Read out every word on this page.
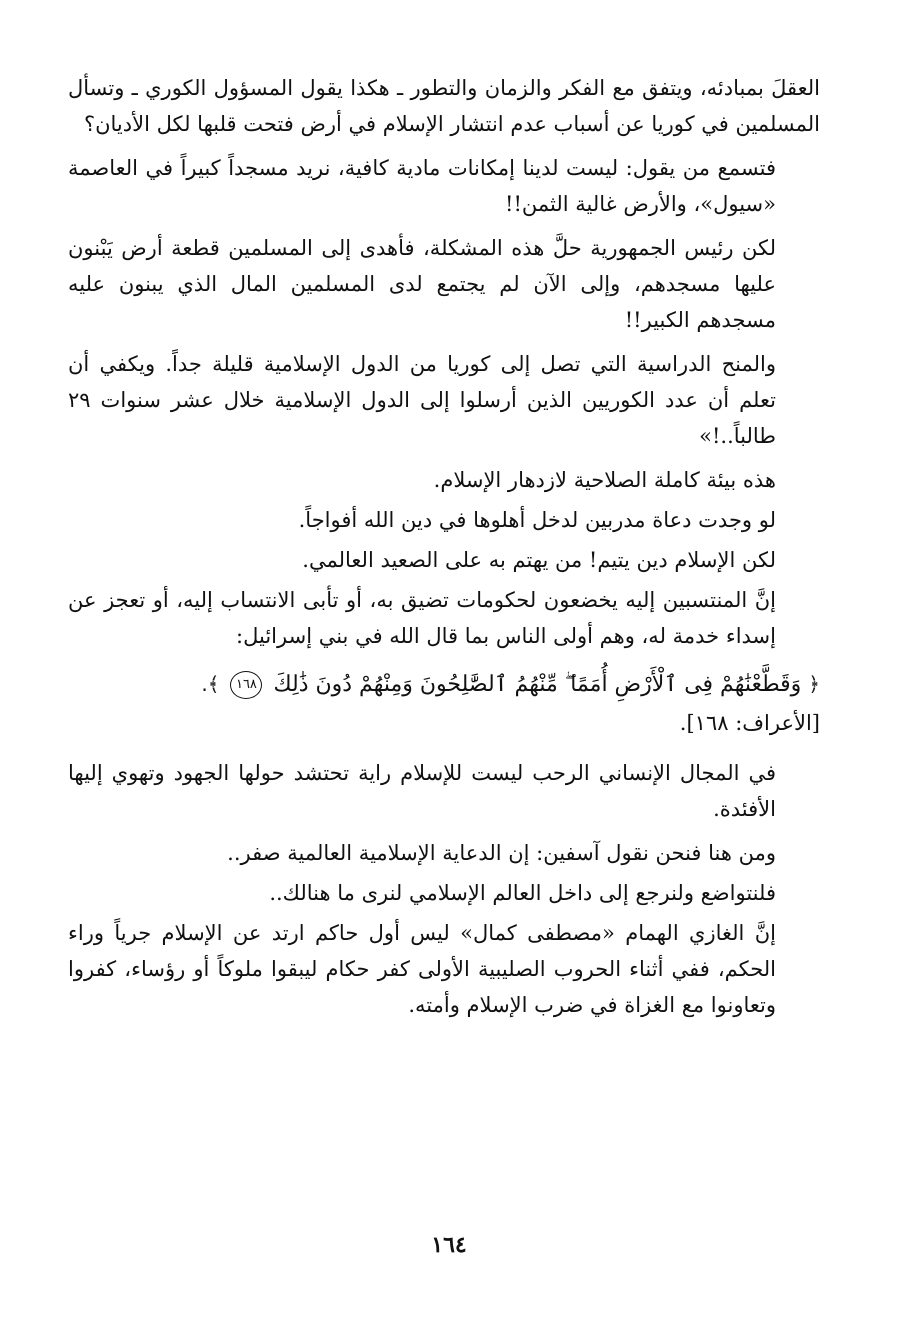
العقلَ بمبادئه، ويتفق مع الفكر والزمان والتطور ـ هكذا يقول المسؤول الكوري ـ وتسأل المسلمين في كوريا عن أسباب عدم انتشار الإسلام في أرض فتحت قلبها لكل الأديان؟

فتسمع من يقول: ليست لدينا إمكانات مادية كافية، نريد مسجداً كبيراً في العاصمة «سيول»، والأرض غالية الثمن!!

لكن رئيس الجمهورية حلَّ هذه المشكلة، فأهدى إلى المسلمين قطعة أرض يَبْنون عليها مسجدهم، وإلى الآن لم يجتمع لدى المسلمين المال الذي يبنون عليه مسجدهم الكبير!!

والمنح الدراسية التي تصل إلى كوريا من الدول الإسلامية قليلة جداً. ويكفي أن تعلم أن عدد الكوريين الذين أرسلوا إلى الدول الإسلامية خلال عشر سنوات ٢٩ طالباً..!»

هذه بيئة كاملة الصلاحية لازدهار الإسلام.

لو وجدت دعاة مدربين لدخل أهلوها في دين الله أفواجاً.

لكن الإسلام دين يتيم! من يهتم به على الصعيد العالمي.

إنَّ المنتسبين إليه يخضعون لحكومات تضيق به، أو تأبى الانتساب إليه، أو تعجز عن إسداء خدمة له، وهم أولى الناس بما قال الله في بني إسرائيل:

﴿ وَقَطَّعْنَٰهُمْ فِى ٱلْأَرْضِ أُمَمًا ۖ مِّنْهُمُ ٱلصَّٰلِحُونَ وَمِنْهُمْ دُونَ ذَٰلِكَ ١٦٨ ﴾.

[الأعراف: ١٦٨].

في المجال الإنساني الرحب ليست للإسلام راية تحتشد حولها الجهود وتهوي إليها الأفئدة.

ومن هنا فنحن نقول آسفين: إن الدعاية الإسلامية العالمية صفر..

فلنتواضع ولنرجع إلى داخل العالم الإسلامي لنرى ما هنالك..

إنَّ الغازي الهمام «مصطفى كمال» ليس أول حاكم ارتد عن الإسلام جرياً وراء الحكم، ففي أثناء الحروب الصليبية الأولى كفر حكام ليبقوا ملوكاً أو رؤساء، كفروا وتعاونوا مع الغزاة في ضرب الإسلام وأمته.

١٦٤
